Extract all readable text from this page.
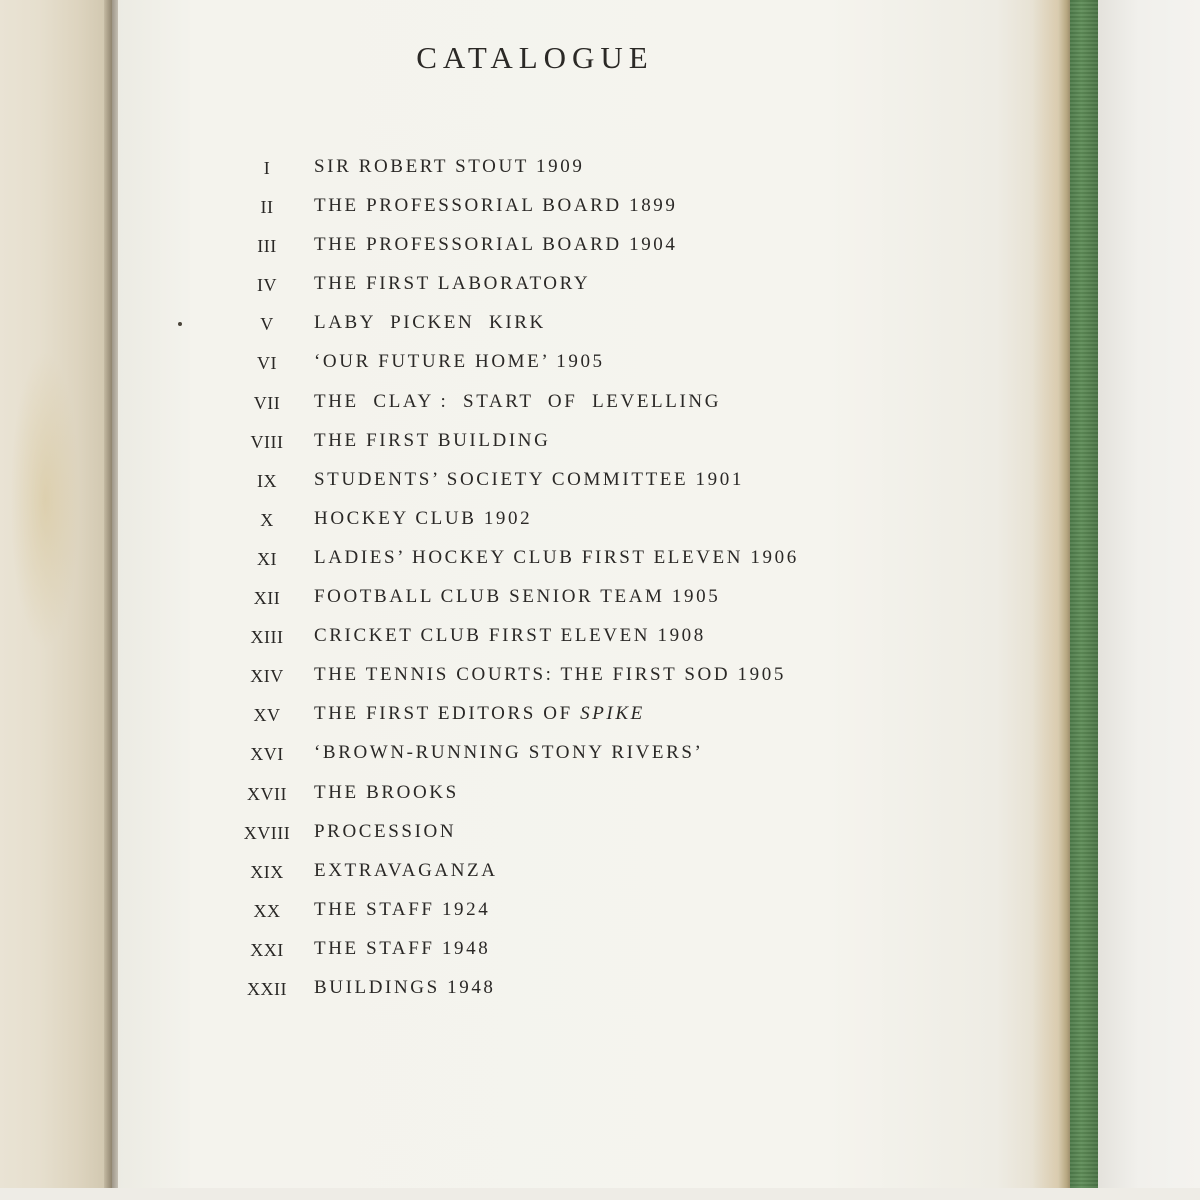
CATALOGUE
I	SIR ROBERT STOUT 1909
II	THE PROFESSORIAL BOARD 1899
III	THE PROFESSORIAL BOARD 1904
IV	THE FIRST LABORATORY
V	LABY  PICKEN  KIRK
VI	‘OUR FUTURE HOME’ 1905
VII	THE  CLAY :  START  OF  LEVELLING
VIII	THE FIRST BUILDING
IX	STUDENTS’ SOCIETY COMMITTEE 1901
X	HOCKEY CLUB 1902
XI	LADIES’ HOCKEY CLUB FIRST ELEVEN 1906
XII	FOOTBALL CLUB SENIOR TEAM 1905
XIII	CRICKET CLUB FIRST ELEVEN 1908
XIV	THE TENNIS COURTS: THE FIRST SOD 1905
XV	THE FIRST EDITORS OF SPIKE
XVI	‘BROWN-RUNNING STONY RIVERS’
XVII	THE BROOKS
XVIII	PROCESSION
XIX	EXTRAVAGANZA
XX	THE STAFF 1924
XXI	THE STAFF 1948
XXII	BUILDINGS 1948
